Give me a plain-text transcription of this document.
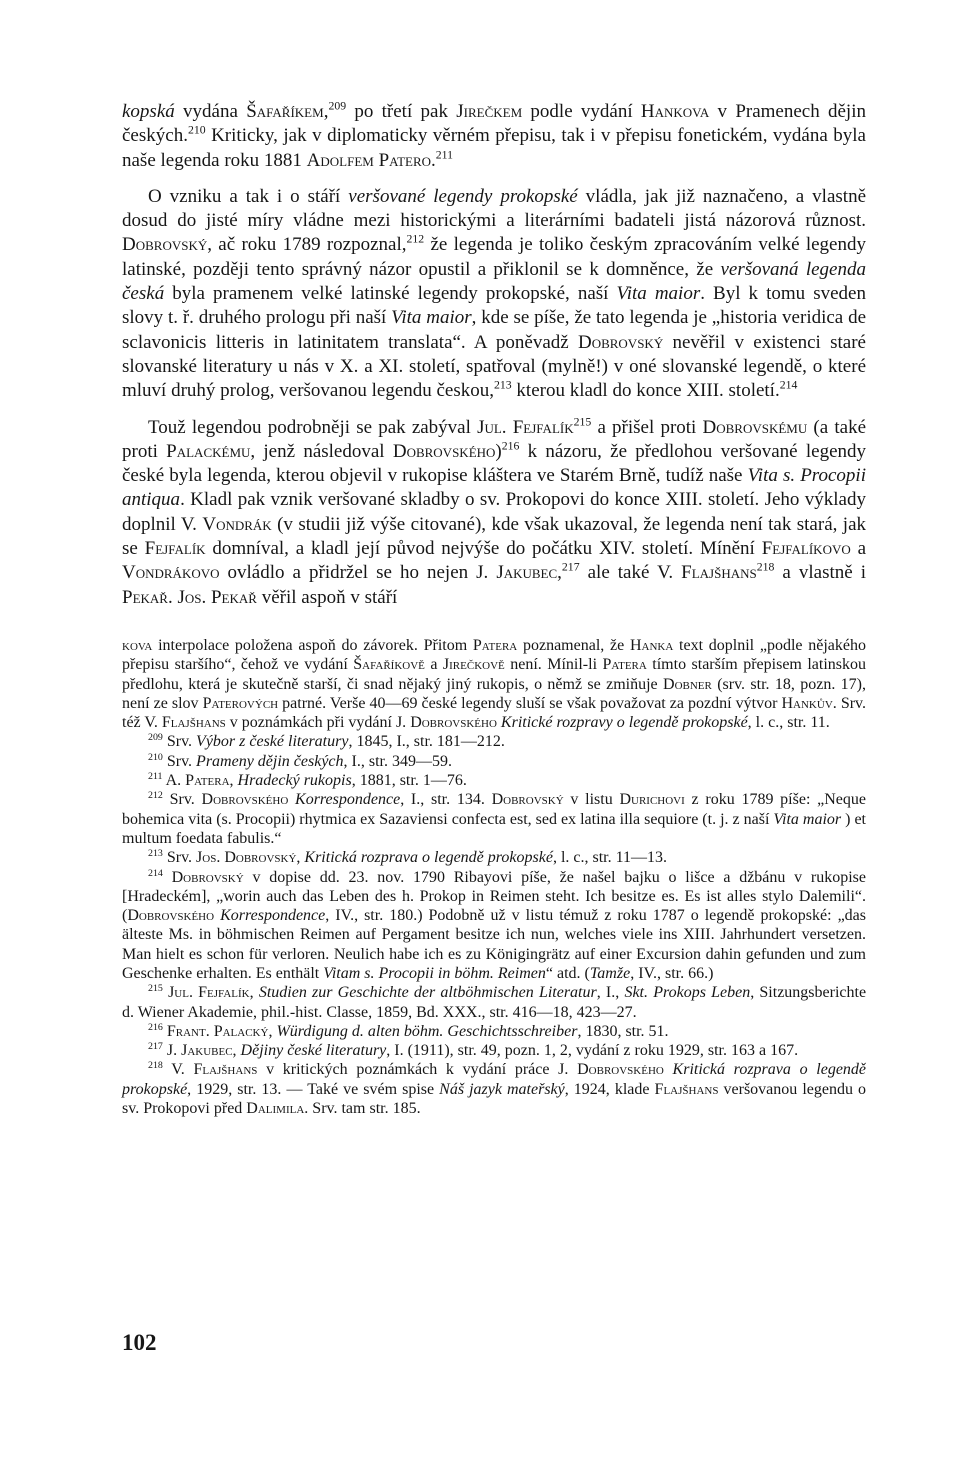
kopská vydána Šafaříkem,$^{209}$ po třetí pak Jirečkem podle vydání Hankova v Pramenech dějin českých.$^{210}$ Kriticky, jak v diplomaticky věrném přepisu, tak i v přepisu fonetickém, vydána byla naše legenda roku 1881 Adolfem Patero.$^{211}$

O vzniku a tak i o stáří veršované legendy prokopské vládla, jak již naznačeno, a vlastně dosud do jisté míry vládne mezi historickými a literárními badateli jistá názorová různost. Dobrovský, ač roku 1789 rozpoznal,$^{212}$ že legenda je toliko českým zpracováním velké legendy latinské, později tento správný názor opustil a přiklonil se k domněnce, že veršovaná legenda česká byla pramenem velké latinské legendy prokopské, naší Vita maior. Byl k tomu sveden slovy t. ř. druhého prologu při naší Vita maior, kde se píše, že tato legenda je „historia veridica de sclavonicis litteris in latinitatem translata“. A poněvadž Dobrovský nevěřil v existenci staré slovanské literatury u nás v X. a XI. století, spatřoval (mylně!) v oné slovanské legendě, o které mluví druhý prolog, veršovanou legendu českou,$^{213}$ kterou kladl do konce XIII. století.$^{214}$

Touž legendou podrobněji se pak zabýval Jul. Fejfalík$^{215}$ a přišel proti Dobrovskému (a také proti Palackému, jenž následoval Dobrovského)$^{216}$ k názoru, že předlohou veršované legendy české byla legenda, kterou objevil v rukopise kláštera ve Starém Brně, tudíž naše Vita s. Procopii antiqua. Kladl pak vznik veršované skladby o sv. Prokopovi do konce XIII. století. Jeho výklady doplnil V. Vondrák (v studii již výše citované), kde však ukazoval, že legenda není tak stará, jak se Fejfalík domníval, a kladl její původ nejvýše do počátku XIV. století. Mínění Fejfalíkovo a Vondrákovo ovládlo a přidržel se ho nejen J. Jakubec,$^{217}$ ale také V. Flajšhans$^{218}$ a vlastně i Pekař. Jos. Pekař věřil aspoň v stáří

kova interpolace položena aspoň do závorek. Přitom Patera poznamenal, že Hanka text doplnil „podle nějakého přepisu staršího“, čehož ve vydání Šafaříkově a Jirečkově není. Mínil-li Patera tímto starším přepisem latinskou předlohu, která je skutečně starší, či snad nějaký jiný rukopis, o němž se zmiňuje Dobner (srv. str. 18, pozn. 17), není ze slov Paterových patrné. Verše 40—69 české legendy sluší se však považovat za pozdní výtvor Hankův. Srv. též V. Flajšhans v poznámkách při vydání J. Dobrovského Kritické rozpravy o legendě prokopské, l. c., str. 11.

$^{209}$ Srv. Výbor z české literatury, 1845, I., str. 181—212.

$^{210}$ Srv. Prameny dějin českých, I., str. 349—59.

$^{211}$ A. Patera, Hradecký rukopis, 1881, str. 1—76.

$^{212}$ Srv. Dobrovského Korrespondence, I., str. 134. Dobrovský v listu Durichovi z roku 1789 píše: „Neque bohemica vita (s. Procopii) rhytmica ex Sazaviensi confecta est, sed ex latina illa sequiore (t. j. z naší Vita maior ) et multum foedata fabulis.“

$^{213}$ Srv. Jos. Dobrovský, Kritická rozprava o legendě prokopské, l. c., str. 11—13.

$^{214}$ Dobrovský v dopise dd. 23. nov. 1790 Ribayovi píše, že našel bajku o lišce a džbánu v rukopise [Hradeckém], „worin auch das Leben des h. Prokop in Reimen steht. Ich besitze es. Es ist alles stylo Dalemili“. (Dobrovského Korrespondence, IV., str. 180.) Podobně už v listu témuž z roku 1787 o legendě prokopské: „das älteste Ms. in böhmischen Reimen auf Pergament besitze ich nun, welches viele ins XIII. Jahrhundert versetzen. Man hielt es schon für verloren. Neulich habe ich es zu Königingrätz auf einer Excursion dahin gefunden und zum Geschenke erhalten. Es enthält Vitam s. Procopii in böhm. Reimen“ atd. (Tamže, IV., str. 66.)

$^{215}$ Jul. Fejfalík, Studien zur Geschichte der altböhmischen Literatur, I., Skt. Prokops Leben, Sitzungsberichte d. Wiener Akademie, phil.-hist. Classe, 1859, Bd. XXX., str. 416—18, 423—27.

$^{216}$ Frant. Palacký, Würdigung d. alten böhm. Geschichtsschreiber, 1830, str. 51.

$^{217}$ J. Jakubec, Dějiny české literatury, I. (1911), str. 49, pozn. 1, 2, vydání z roku 1929, str. 163 a 167.

$^{218}$ V. Flajšhans v kritických poznámkách k vydání práce J. Dobrovského Kritická rozprava o legendě prokopské, 1929, str. 13. — Také ve svém spise Náš jazyk mateřský, 1924, klade Flajšhans veršovanou legendu o sv. Prokopovi před Dalimila. Srv. tam str. 185.

102
